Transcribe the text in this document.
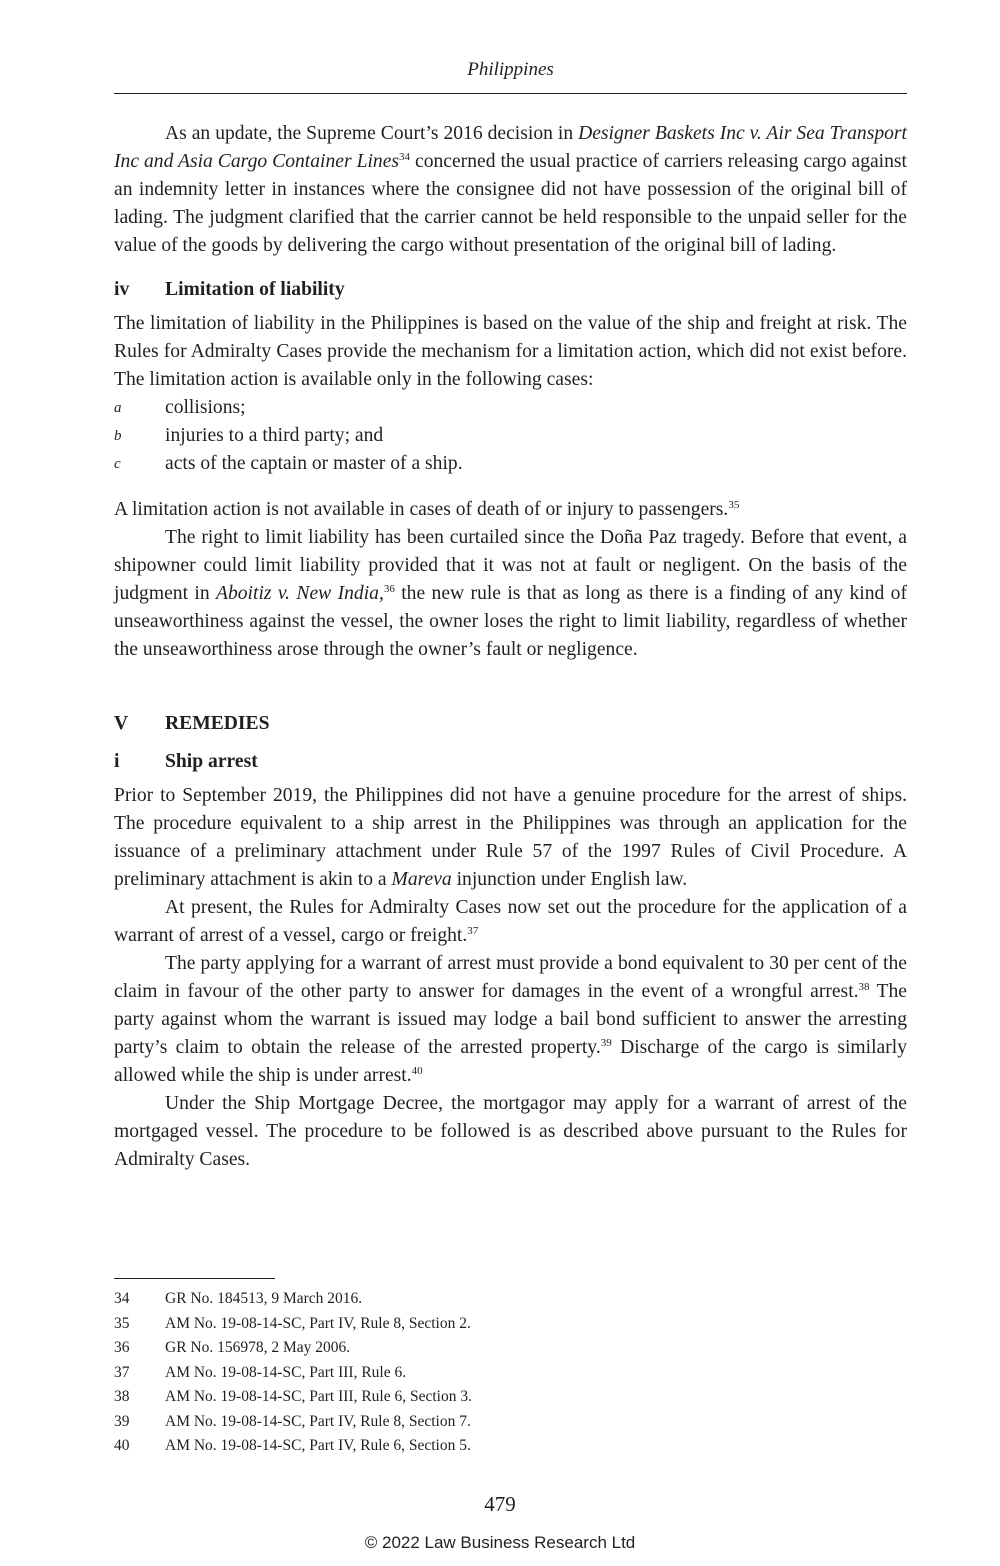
Philippines

As an update, the Supreme Court’s 2016 decision in Designer Baskets Inc v. Air Sea Transport Inc and Asia Cargo Container Lines$^{34}$ concerned the usual practice of carriers releasing cargo against an indemnity letter in instances where the consignee did not have possession of the original bill of lading. The judgment clarified that the carrier cannot be held responsible to the unpaid seller for the value of the goods by delivering the cargo without presentation of the original bill of lading.

iv	Limitation of liability

The limitation of liability in the Philippines is based on the value of the ship and freight at risk. The Rules for Admiralty Cases provide the mechanism for a limitation action, which did not exist before. The limitation action is available only in the following cases:

a	collisions;
b	injuries to a third party; and
c	acts of the captain or master of a ship.

A limitation action is not available in cases of death of or injury to passengers.$^{35}$

The right to limit liability has been curtailed since the Doña Paz tragedy. Before that event, a shipowner could limit liability provided that it was not at fault or negligent. On the basis of the judgment in Aboitiz v. New India,$^{36}$ the new rule is that as long as there is a finding of any kind of unseaworthiness against the vessel, the owner loses the right to limit liability, regardless of whether the unseaworthiness arose through the owner’s fault or negligence.

V	REMEDIES
i	Ship arrest

Prior to September 2019, the Philippines did not have a genuine procedure for the arrest of ships. The procedure equivalent to a ship arrest in the Philippines was through an application for the issuance of a preliminary attachment under Rule 57 of the 1997 Rules of Civil Procedure. A preliminary attachment is akin to a Mareva injunction under English law.

At present, the Rules for Admiralty Cases now set out the procedure for the application of a warrant of arrest of a vessel, cargo or freight.$^{37}$

The party applying for a warrant of arrest must provide a bond equivalent to 30 per cent of the claim in favour of the other party to answer for damages in the event of a wrongful arrest.$^{38}$ The party against whom the warrant is issued may lodge a bail bond sufficient to answer the arresting party’s claim to obtain the release of the arrested property.$^{39}$ Discharge of the cargo is similarly allowed while the ship is under arrest.$^{40}$

Under the Ship Mortgage Decree, the mortgagor may apply for a warrant of arrest of the mortgaged vessel. The procedure to be followed is as described above pursuant to the Rules for Admiralty Cases.

34	GR No. 184513, 9 March 2016.
35	AM No. 19-08-14-SC, Part IV, Rule 8, Section 2.
36	GR No. 156978, 2 May 2006.
37	AM No. 19-08-14-SC, Part III, Rule 6.
38	AM No. 19-08-14-SC, Part III, Rule 6, Section 3.
39	AM No. 19-08-14-SC, Part IV, Rule 8, Section 7.
40	AM No. 19-08-14-SC, Part IV, Rule 6, Section 5.
479
© 2022 Law Business Research Ltd
